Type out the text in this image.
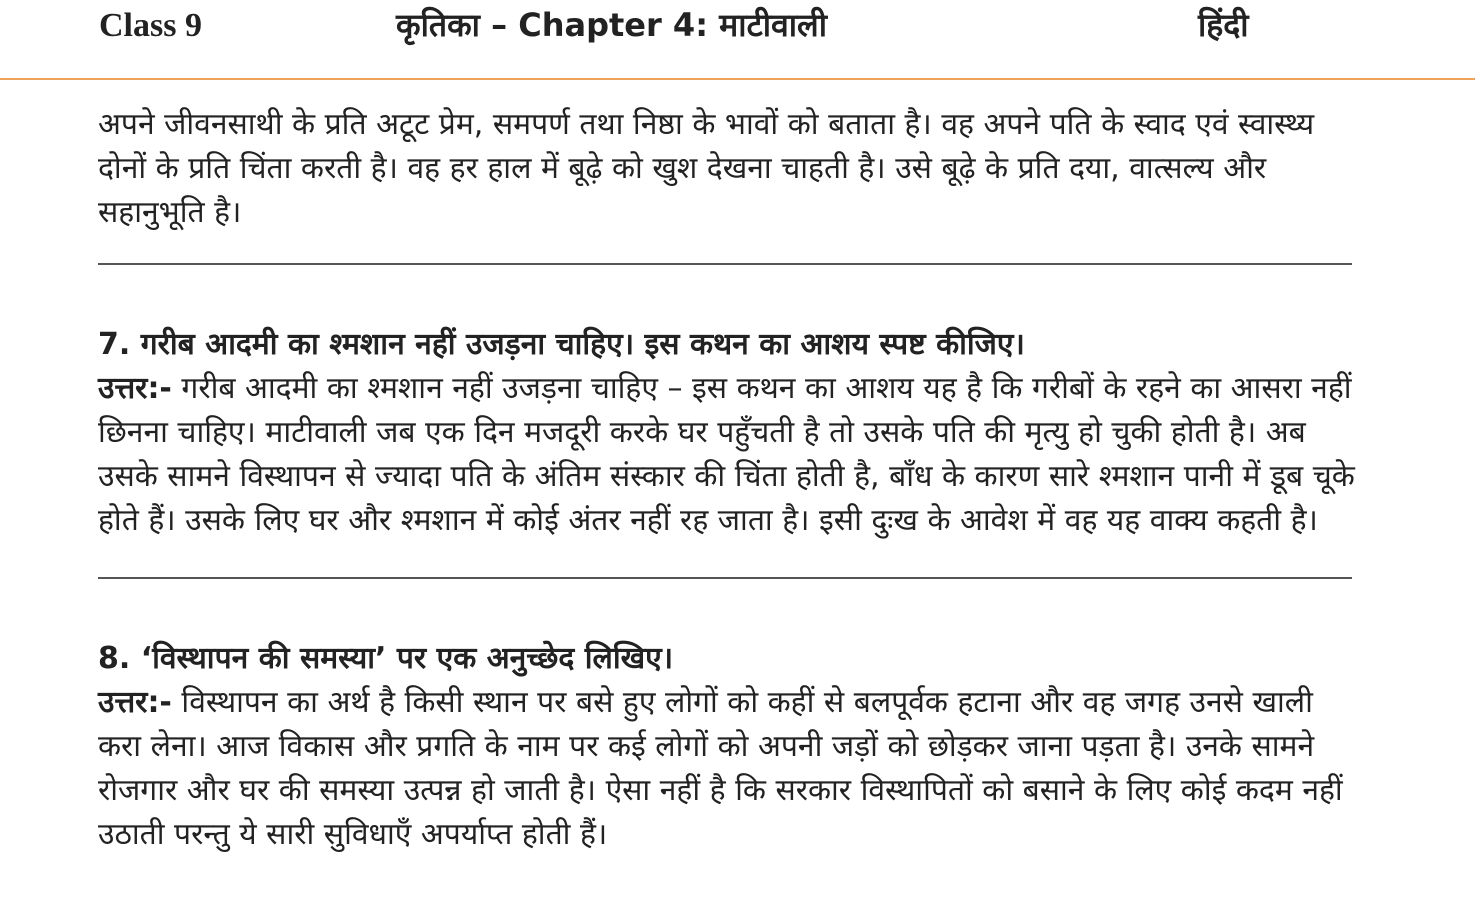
Class 9	कृतिका – Chapter 4: माटीवाली	हिंदी

अपने जीवनसाथी के प्रति अटूट प्रेम, समपर्ण तथा निष्ठा के भावों को बताता है। वह अपने पति के स्वाद एवं स्वास्थ्य दोनों के प्रति चिंता करती है। वह हर हाल में बूढ़े को खुश देखना चाहती है। उसे बूढ़े के प्रति दया, वात्सल्य और सहानुभूति है।

7. गरीब आदमी का श्मशान नहीं उजड़ना चाहिए। इस कथन का आशय स्पष्ट कीजिए।

उत्तर:- गरीब आदमी का श्मशान नहीं उजड़ना चाहिए – इस कथन का आशय यह है कि गरीबों के रहने का आसरा नहीं छिनना चाहिए। माटीवाली जब एक दिन मजदूरी करके घर पहुँचती है तो उसके पति की मृत्यु हो चुकी होती है। अब उसके सामने विस्थापन से ज्यादा पति के अंतिम संस्कार की चिंता होती है, बाँध के कारण सारे श्मशान पानी में डूब चूके होते हैं। उसके लिए घर और श्मशान में कोई अंतर नहीं रह जाता है। इसी दुःख के आवेश में वह यह वाक्य कहती है।

8. ‘विस्थापन की समस्या’ पर एक अनुच्छेद लिखिए।

उत्तर:- विस्थापन का अर्थ है किसी स्थान पर बसे हुए लोगों को कहीं से बलपूर्वक हटाना और वह जगह उनसे खाली करा लेना। आज विकास और प्रगति के नाम पर कई लोगों को अपनी जड़ों को छोड़कर जाना पड़ता है। उनके सामने रोजगार और घर की समस्या उत्पन्न हो जाती है। ऐसा नहीं है कि सरकार विस्थापितों को बसाने के लिए कोई कदम नहीं उठाती परन्तु ये सारी सुविधाएँ अपर्याप्त होती हैं।
